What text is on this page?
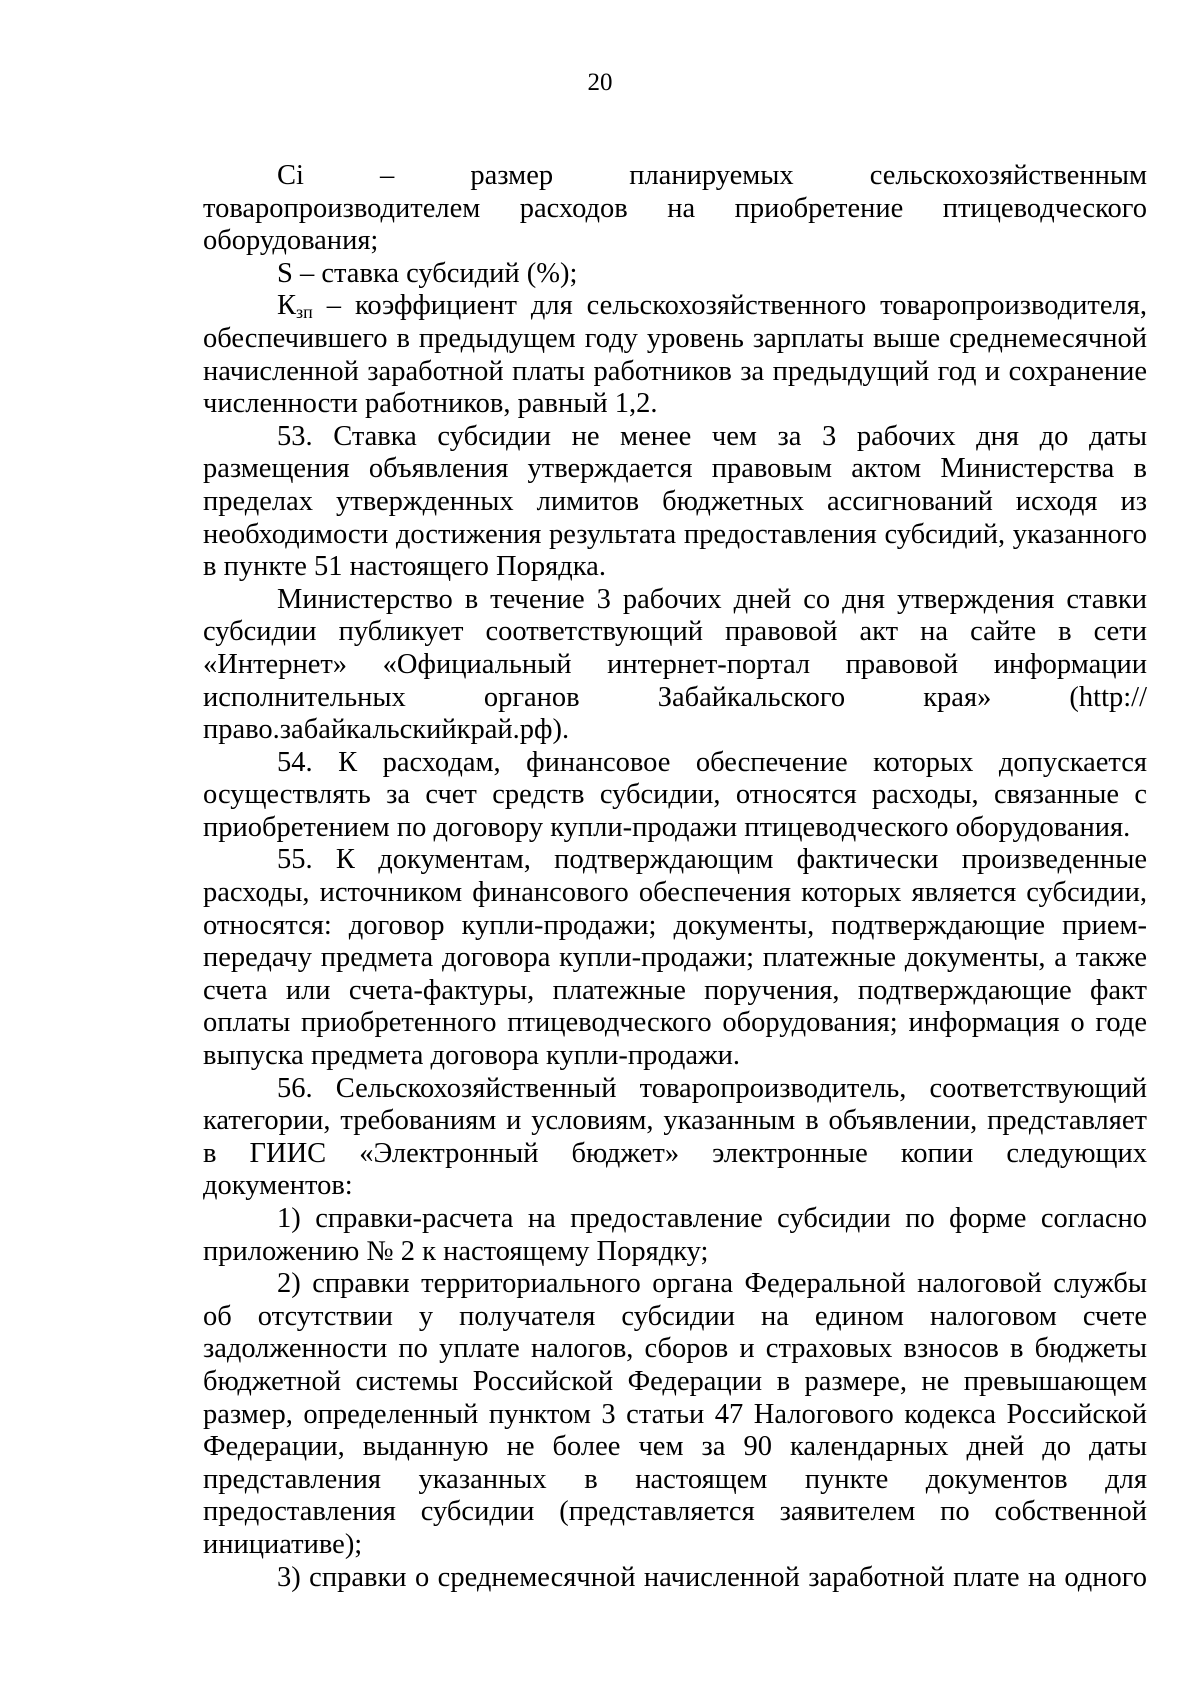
20

Ci – размер планируемых сельскохозяйственным товаропроизводителем расходов на приобретение птицеводческого оборудования;

S – ставка субсидий (%);

$К_{зп}$ – коэффициент для сельскохозяйственного товаропроизводителя, обеспечившего в предыдущем году уровень зарплаты выше среднемесячной начисленной заработной платы работников за предыдущий год и сохранение численности работников, равный 1,2.

53. Ставка субсидии не менее чем за 3 рабочих дня до даты размещения объявления утверждается правовым актом Министерства в пределах утвержденных лимитов бюджетных ассигнований исходя из необходимости достижения результата предоставления субсидий, указанного в пункте 51 настоящего Порядка.

Министерство в течение 3 рабочих дней со дня утверждения ставки субсидии публикует соответствующий правовой акт на сайте в сети «Интернет» «Официальный интернет-портал правовой информации исполнительных органов Забайкальского края» (http://право.забайкальскийкрай.рф).

54. К расходам, финансовое обеспечение которых допускается осуществлять за счет средств субсидии, относятся расходы, связанные с приобретением по договору купли-продажи птицеводческого оборудования.

55. К документам, подтверждающим фактически произведенные расходы, источником финансового обеспечения которых является субсидии, относятся: договор купли-продажи; документы, подтверждающие прием-передачу предмета договора купли-продажи; платежные документы, а также счета или счета-фактуры, платежные поручения, подтверждающие факт оплаты приобретенного птицеводческого оборудования; информация о годе выпуска предмета договора купли-продажи.

56. Сельскохозяйственный товаропроизводитель, соответствующий категории, требованиям и условиям, указанным в объявлении, представляет в ГИИС «Электронный бюджет» электронные копии следующих документов:

1) справки-расчета на предоставление субсидии по форме согласно приложению № 2 к настоящему Порядку;

2) справки территориального органа Федеральной налоговой службы об отсутствии у получателя субсидии на едином налоговом счете задолженности по уплате налогов, сборов и страховых взносов в бюджеты бюджетной системы Российской Федерации в размере, не превышающем размер, определенный пунктом 3 статьи 47 Налогового кодекса Российской Федерации, выданную не более чем за 90 календарных дней до даты представления указанных в настоящем пункте документов для предоставления субсидии (представляется заявителем по собственной инициативе);

3) справки о среднемесячной начисленной заработной плате на одного
